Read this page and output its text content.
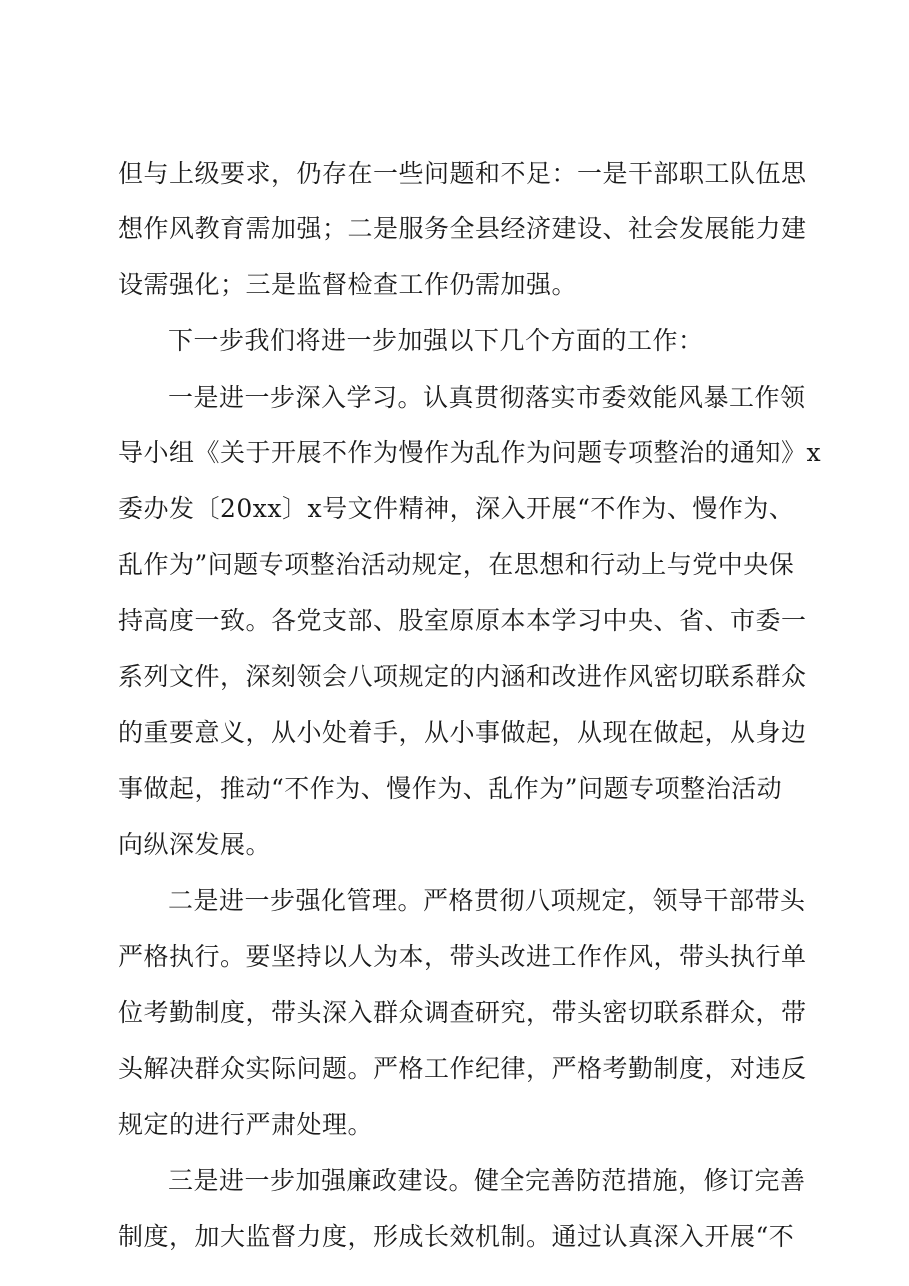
但与上级要求，仍存在一些问题和不足：一是干部职工队伍思
想作风教育需加强；二是服务全县经济建设、社会发展能力建
设需强化；三是监督检查工作仍需加强。
下一步我们将进一步加强以下几个方面的工作：
一是进一步深入学习。认真贯彻落实市委效能风暴工作领
导小组《关于开展不作为慢作为乱作为问题专项整治的通知》x
委办发〔20xx〕x号文件精神，深入开展“不作为、慢作为、
乱作为”问题专项整治活动规定，在思想和行动上与党中央保
持高度一致。各党支部、股室原原本本学习中央、省、市委一
系列文件，深刻领会八项规定的内涵和改进作风密切联系群众
的重要意义，从小处着手，从小事做起，从现在做起，从身边
事做起，推动“不作为、慢作为、乱作为”问题专项整治活动
向纵深发展。
二是进一步强化管理。严格贯彻八项规定，领导干部带头
严格执行。要坚持以人为本，带头改进工作作风，带头执行单
位考勤制度，带头深入群众调查研究，带头密切联系群众，带
头解决群众实际问题。严格工作纪律，严格考勤制度，对违反
规定的进行严肃处理。
三是进一步加强廉政建设。健全完善防范措施，修订完善
制度，加大监督力度，形成长效机制。通过认真深入开展“不
